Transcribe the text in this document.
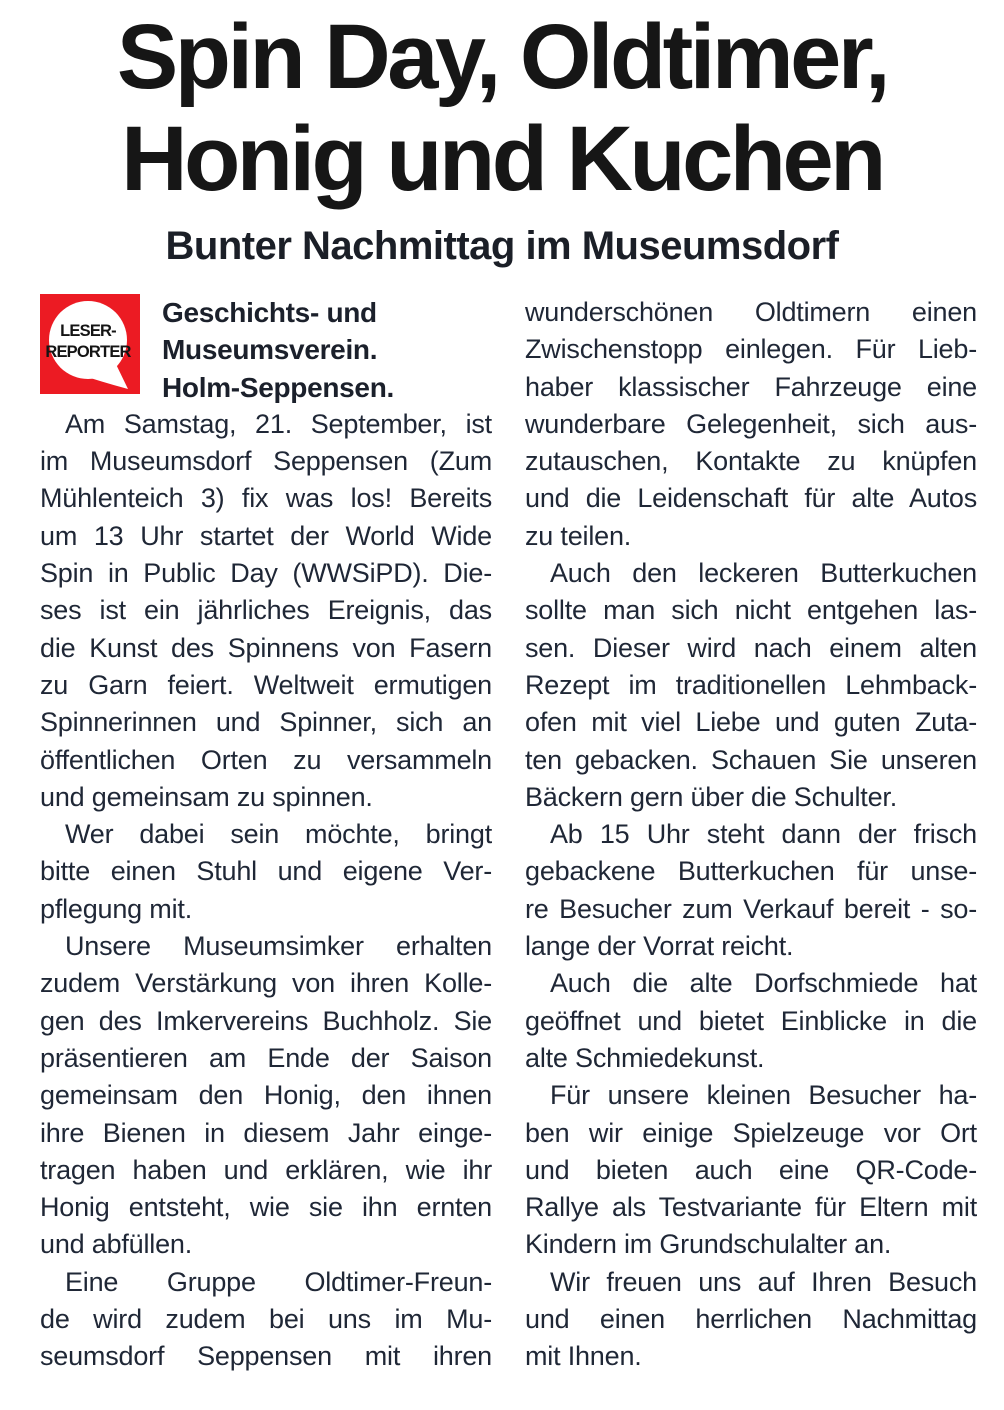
Spin Day, Oldtimer,
Honig und Kuchen
Bunter Nachmittag im Museumsdorf
LESER-
REPORTER
Geschichts- und
Museumsverein.
Holm-Seppensen.
Am Samstag, 21. September, ist
im Museumsdorf Seppensen (Zum
Mühlenteich 3) fix was los! Bereits
um 13 Uhr startet der World Wide
Spin in Public Day (WWSiPD). Die-
ses ist ein jährliches Ereignis, das
die Kunst des Spinnens von Fasern
zu Garn feiert. Weltweit ermutigen
Spinnerinnen und Spinner, sich an
öffentlichen Orten zu versammeln
und gemeinsam zu spinnen.
Wer dabei sein möchte, bringt
bitte einen Stuhl und eigene Ver-
pflegung mit.
Unsere Museumsimker erhalten
zudem Verstärkung von ihren Kolle-
gen des Imkervereins Buchholz. Sie
präsentieren am Ende der Saison
gemeinsam den Honig, den ihnen
ihre Bienen in diesem Jahr einge-
tragen haben und erklären, wie ihr
Honig entsteht, wie sie ihn ernten
und abfüllen.
Eine Gruppe Oldtimer-Freun-
de wird zudem bei uns im Mu-
seumsdorf Seppensen mit ihren
wunderschönen Oldtimern einen
Zwischenstopp einlegen. Für Lieb-
haber klassischer Fahrzeuge eine
wunderbare Gelegenheit, sich aus-
zutauschen, Kontakte zu knüpfen
und die Leidenschaft für alte Autos
zu teilen.
Auch den leckeren Butterkuchen
sollte man sich nicht entgehen las-
sen. Dieser wird nach einem alten
Rezept im traditionellen Lehmback-
ofen mit viel Liebe und guten Zuta-
ten gebacken. Schauen Sie unseren
Bäckern gern über die Schulter.
Ab 15 Uhr steht dann der frisch
gebackene Butterkuchen für unse-
re Besucher zum Verkauf bereit - so-
lange der Vorrat reicht.
Auch die alte Dorfschmiede hat
geöffnet und bietet Einblicke in die
alte Schmiedekunst.
Für unsere kleinen Besucher ha-
ben wir einige Spielzeuge vor Ort
und bieten auch eine QR-Code-
Rallye als Testvariante für Eltern mit
Kindern im Grundschulalter an.
Wir freuen uns auf Ihren Besuch
und einen herrlichen Nachmittag
mit Ihnen.
